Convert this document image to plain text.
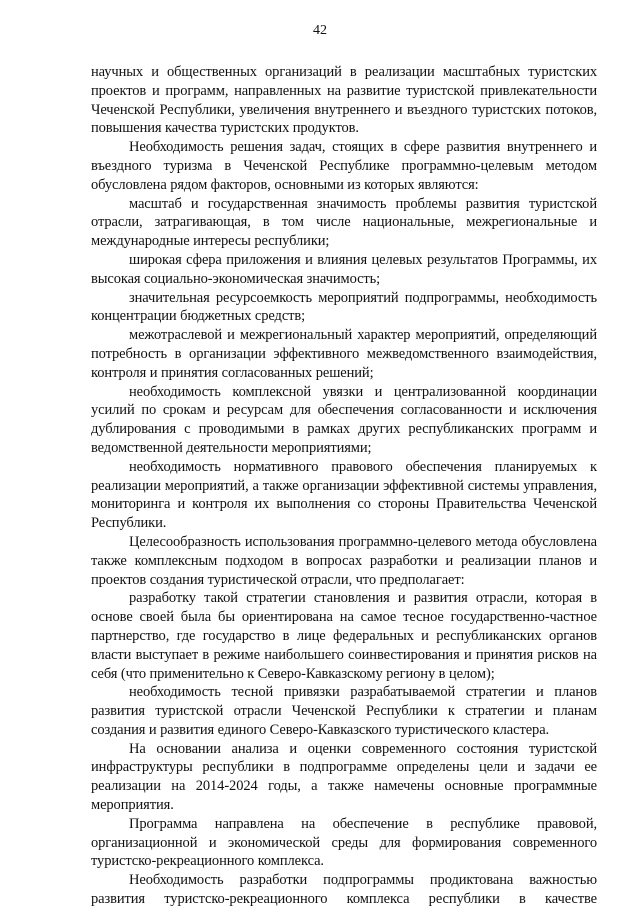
42

научных и общественных организаций в реализации масштабных туристских проектов и программ, направленных на развитие туристской привлекательности Чеченской Республики, увеличения внутреннего и въездного туристских потоков, повышения качества туристских продуктов.

Необходимость решения задач, стоящих в сфере развития внутреннего и въездного туризма в Чеченской Республике программно-целевым методом обусловлена рядом факторов, основными из которых являются:

масштаб и государственная значимость проблемы развития туристской отрасли, затрагивающая, в том числе национальные, межрегиональные и международные интересы республики;

широкая сфера приложения и влияния целевых результатов Программы, их высокая социально-экономическая значимость;

значительная ресурсоемкость мероприятий подпрограммы, необходимость концентрации бюджетных средств;

межотраслевой и межрегиональный характер мероприятий, определяющий потребность в организации эффективного межведомственного взаимодействия, контроля и принятия согласованных решений;

необходимость комплексной увязки и централизованной координации усилий по срокам и ресурсам для обеспечения согласованности и исключения дублирования с проводимыми в рамках других республиканских программ и ведомственной деятельности мероприятиями;

необходимость нормативного правового обеспечения планируемых к реализации мероприятий, а также организации эффективной системы управления, мониторинга и контроля их выполнения со стороны Правительства Чеченской Республики.

Целесообразность использования программно-целевого метода обусловлена также комплексным подходом в вопросах разработки и реализации планов и проектов создания туристической отрасли, что предполагает:

разработку такой стратегии становления и развития отрасли, которая в основе своей была бы ориентирована на самое тесное государственно-частное партнерство, где государство в лице федеральных и республиканских органов власти выступает в режиме наибольшего соинвестирования и принятия рисков на себя (что применительно к Северо-Кавказскому региону в целом);

необходимость тесной привязки разрабатываемой стратегии и планов развития туристской отрасли Чеченской Республики к стратегии и планам создания и развития единого Северо-Кавказского туристического кластера.

На основании анализа и оценки современного состояния туристской инфраструктуры республики в подпрограмме определены цели и задачи ее реализации на 2014-2024 годы, а также намечены основные программные мероприятия.

Программа направлена на обеспечение в республике правовой, организационной и экономической среды для формирования современного туристско-рекреационного комплекса.

Необходимость разработки подпрограммы продиктована важностью развития туристско-рекреационного комплекса республики в качестве
